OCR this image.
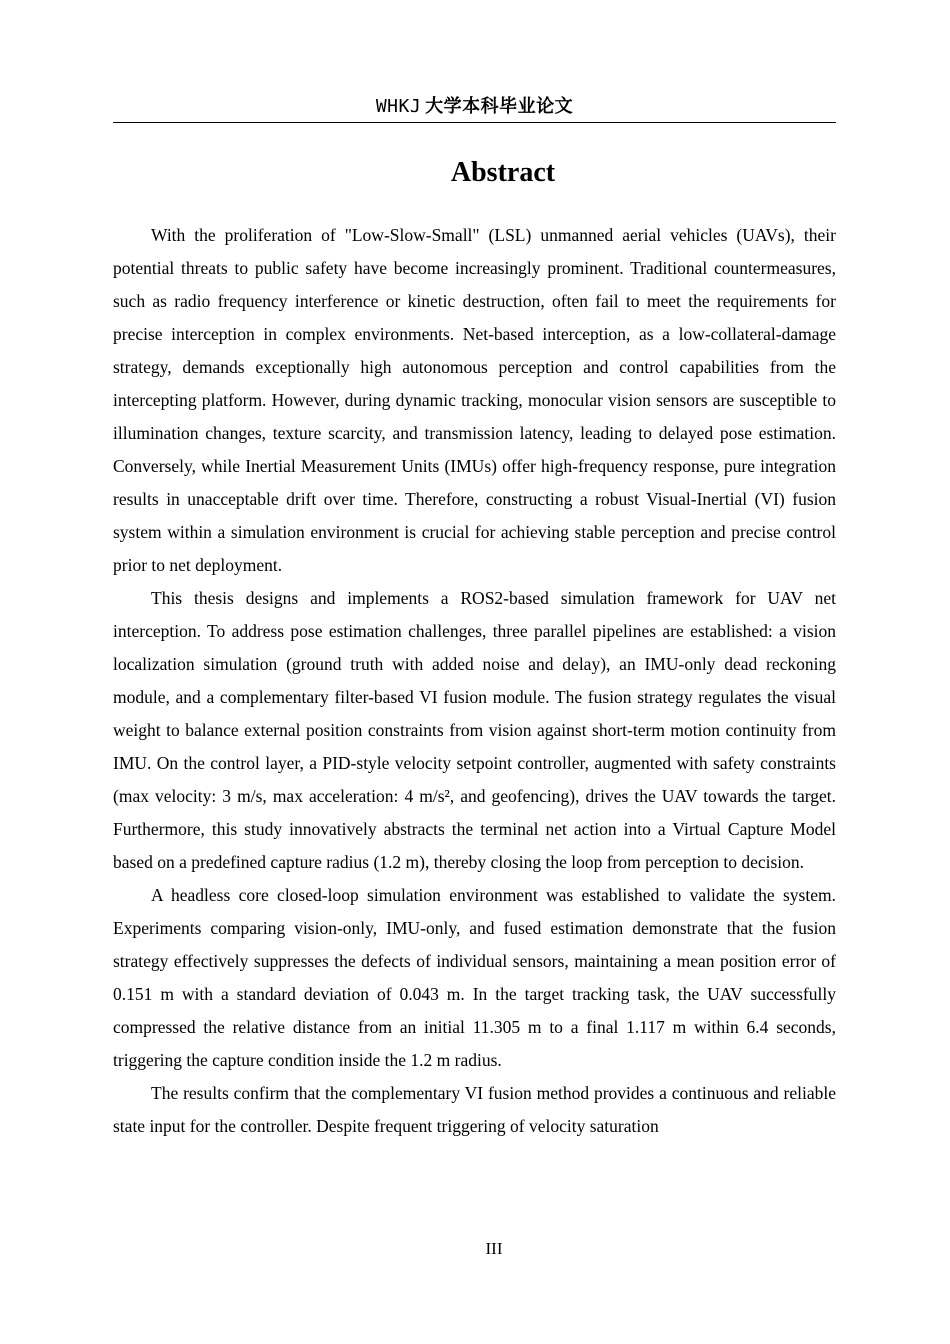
WHKJ 大学本科毕业论文
Abstract

With the proliferation of "Low-Slow-Small" (LSL) unmanned aerial vehicles (UAVs), their potential threats to public safety have become increasingly prominent. Traditional countermeasures, such as radio frequency interference or kinetic destruction, often fail to meet the requirements for precise interception in complex environments. Net-based interception, as a low-collateral-damage strategy, demands exceptionally high autonomous perception and control capabilities from the intercepting platform. However, during dynamic tracking, monocular vision sensors are susceptible to illumination changes, texture scarcity, and transmission latency, leading to delayed pose estimation. Conversely, while Inertial Measurement Units (IMUs) offer high-frequency response, pure integration results in unacceptable drift over time. Therefore, constructing a robust Visual-Inertial (VI) fusion system within a simulation environment is crucial for achieving stable perception and precise control prior to net deployment.

This thesis designs and implements a ROS2-based simulation framework for UAV net interception. To address pose estimation challenges, three parallel pipelines are established: a vision localization simulation (ground truth with added noise and delay), an IMU-only dead reckoning module, and a complementary filter-based VI fusion module. The fusion strategy regulates the visual weight to balance external position constraints from vision against short-term motion continuity from IMU. On the control layer, a PID-style velocity setpoint controller, augmented with safety constraints (max velocity: 3 m/s, max acceleration: 4 m/s², and geofencing), drives the UAV towards the target. Furthermore, this study innovatively abstracts the terminal net action into a Virtual Capture Model based on a predefined capture radius (1.2 m), thereby closing the loop from perception to decision.

A headless core closed-loop simulation environment was established to validate the system. Experiments comparing vision-only, IMU-only, and fused estimation demonstrate that the fusion strategy effectively suppresses the defects of individual sensors, maintaining a mean position error of 0.151 m with a standard deviation of 0.043 m. In the target tracking task, the UAV successfully compressed the relative distance from an initial 11.305 m to a final 1.117 m within 6.4 seconds, triggering the capture condition inside the 1.2 m radius.

The results confirm that the complementary VI fusion method provides a continuous and reliable state input for the controller. Despite frequent triggering of velocity saturation

III
